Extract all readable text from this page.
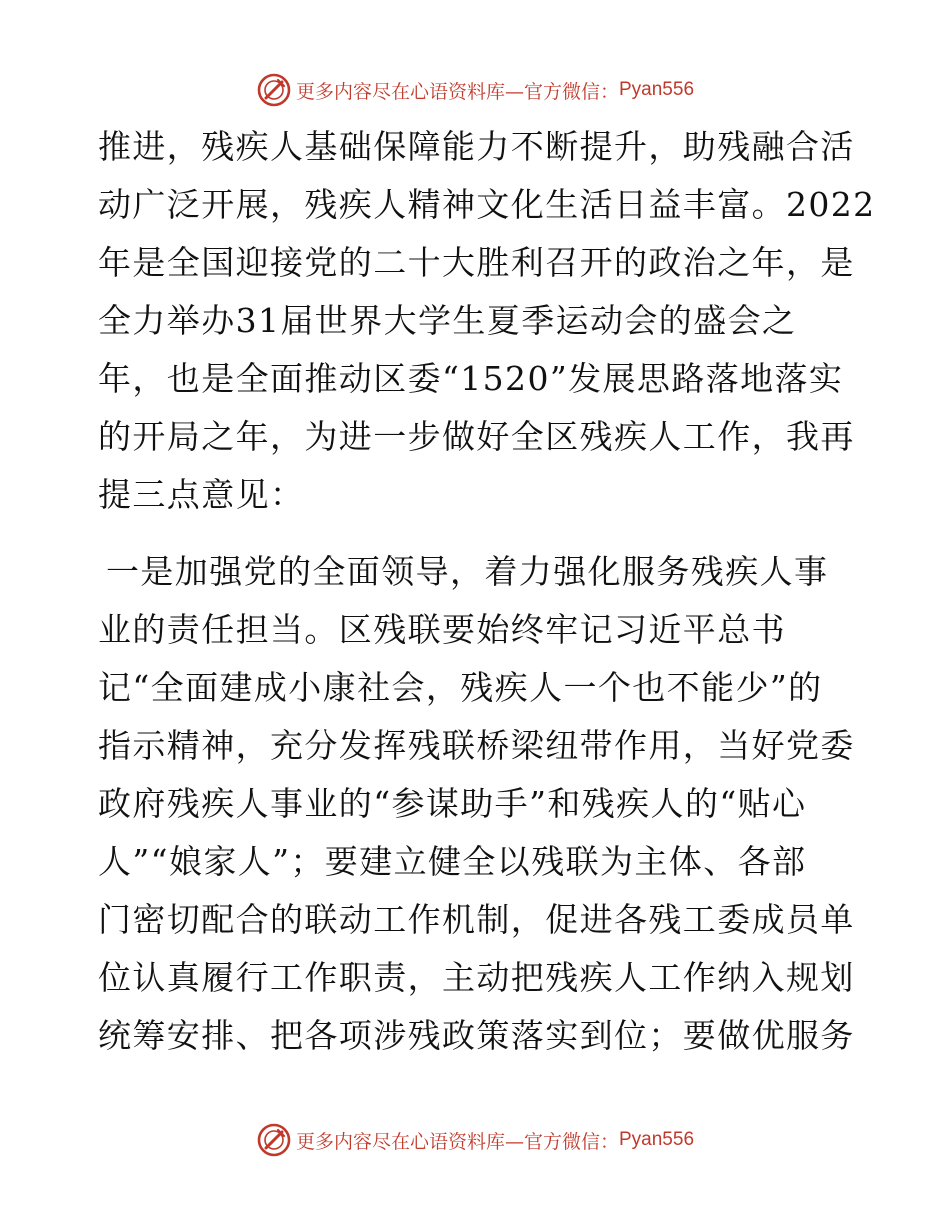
更多内容尽在心语资料库—官方微信： Pyan556
推进，残疾人基础保障能力不断提升，助残融合活
动广泛开展，残疾人精神文化生活日益丰富。2022
年是全国迎接党的二十大胜利召开的政治之年，是
全力举办31届世界大学生夏季运动会的盛会之
年，也是全面推动区委“1520”发展思路落地落实
的开局之年，为进一步做好全区残疾人工作，我再
提三点意见：
一是加强党的全面领导，着力强化服务残疾人事
业的责任担当。区残联要始终牢记习近平总书
记“全面建成小康社会，残疾人一个也不能少”的
指示精神，充分发挥残联桥梁纽带作用，当好党委
政府残疾人事业的“参谋助手”和残疾人的“贴心
人”“娘家人”；要建立健全以残联为主体、各部
门密切配合的联动工作机制，促进各残工委成员单
位认真履行工作职责，主动把残疾人工作纳入规划
统筹安排、把各项涉残政策落实到位；要做优服务
更多内容尽在心语资料库—官方微信： Pyan556
